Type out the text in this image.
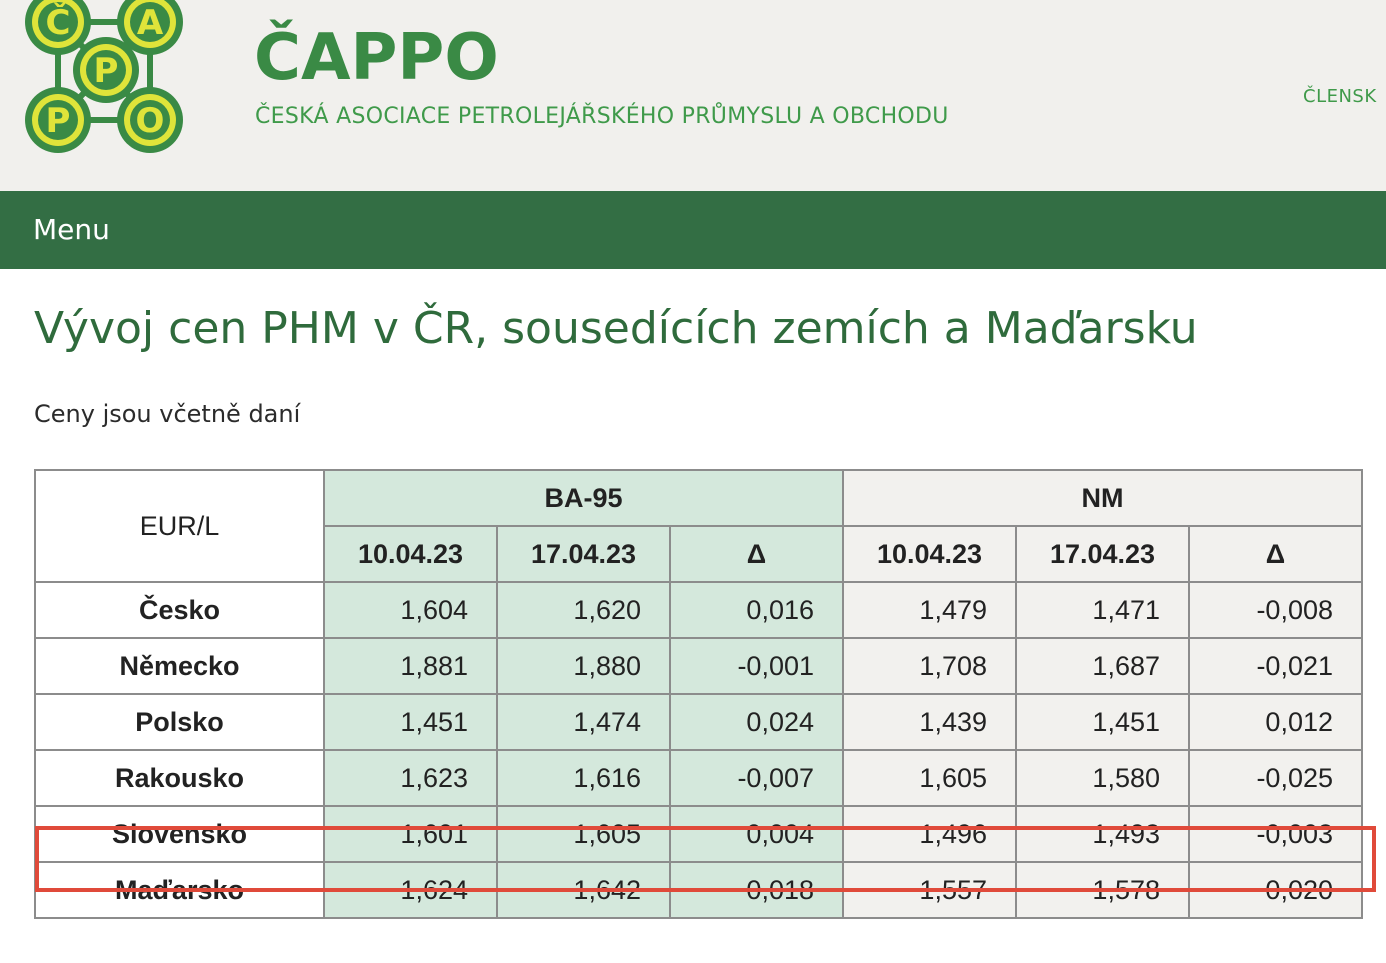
Č A
P
P O
ČAPPO
ČESKÁ ASOCIACE PETROLEJÁŘSKÉHO PRŮMYSLU A OBCHODU
ČLENSK
Menu
Vývoj cen PHM v ČR, sousedících zemích a Maďarsku
Ceny jsou včetně daní
EUR/L	BA-95			NM		
	10.04.23	17.04.23	Δ	10.04.23	17.04.23	Δ
Česko	1,604	1,620	0,016	1,479	1,471	-0,008
Německo	1,881	1,880	-0,001	1,708	1,687	-0,021
Polsko	1,451	1,474	0,024	1,439	1,451	0,012
Rakousko	1,623	1,616	-0,007	1,605	1,580	-0,025
Slovensko	1,601	1,605	0,004	1,496	1,493	-0,003
Maďarsko	1,624	1,642	0,018	1,557	1,578	0,020
